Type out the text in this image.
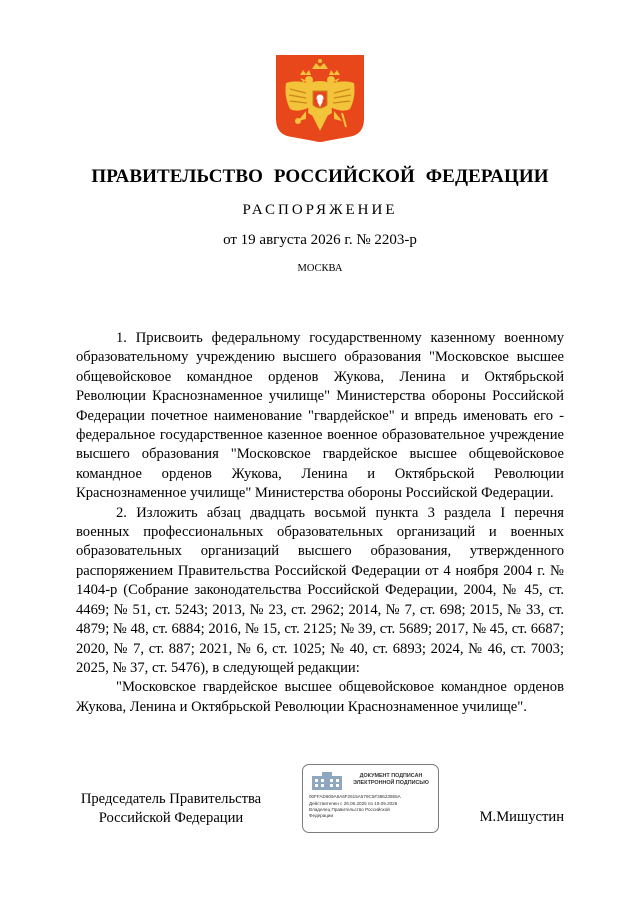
ПРАВИТЕЛЬСТВО РОССИЙСКОЙ ФЕДЕРАЦИИ
РАСПОРЯЖЕНИЕ
от 19 августа 2026 г. № 2203-р
МОСКВА

1. Присвоить федеральному государственному казенному военному образовательному учреждению высшего образования "Московское высшее общевойсковое командное орденов Жукова, Ленина и Октябрьской Революции Краснознаменное училище" Министерства обороны Российской Федерации почетное наименование "гвардейское" и впредь именовать его - федеральное государственное казенное военное образовательное учреждение высшего образования "Московское гвардейское высшее общевойсковое командное орденов Жукова, Ленина и Октябрьской Революции Краснознаменное училище" Министерства обороны Российской Федерации.

2. Изложить абзац двадцать восьмой пункта 3 раздела I перечня военных профессиональных образовательных организаций и военных образовательных организаций высшего образования, утвержденного распоряжением Правительства Российской Федерации от 4 ноября 2004 г. № 1404-р (Собрание законодательства Российской Федерации, 2004, № 45, ст. 4469; № 51, ст. 5243; 2013, № 23, ст. 2962; 2014, № 7, ст. 698; 2015, № 33, ст. 4879; № 48, ст. 6884; 2016, № 15, ст. 2125; № 39, ст. 5689; 2017, № 45, ст. 6687; 2020, № 7, ст. 887; 2021, № 6, ст. 1025; № 40, ст. 6893; 2024, № 46, ст. 7003; 2025, № 37, ст. 5476), в следующей редакции:

"Московское гвардейское высшее общевойсковое командное орденов Жукова, Ленина и Октябрьской Революции Краснознаменное училище".

Председатель Правительства
Российской Федерации
ДОКУМЕНТ ПОДПИСАН
ЭЛЕКТРОННОЙ ПОДПИСЬЮ
00FFAD609A6A6F2615A578C5F38623865A
Действителен с 26.06.2025 по 19.09.2026
Владелец Правительство Российской
Федерации	М.Мишустин
